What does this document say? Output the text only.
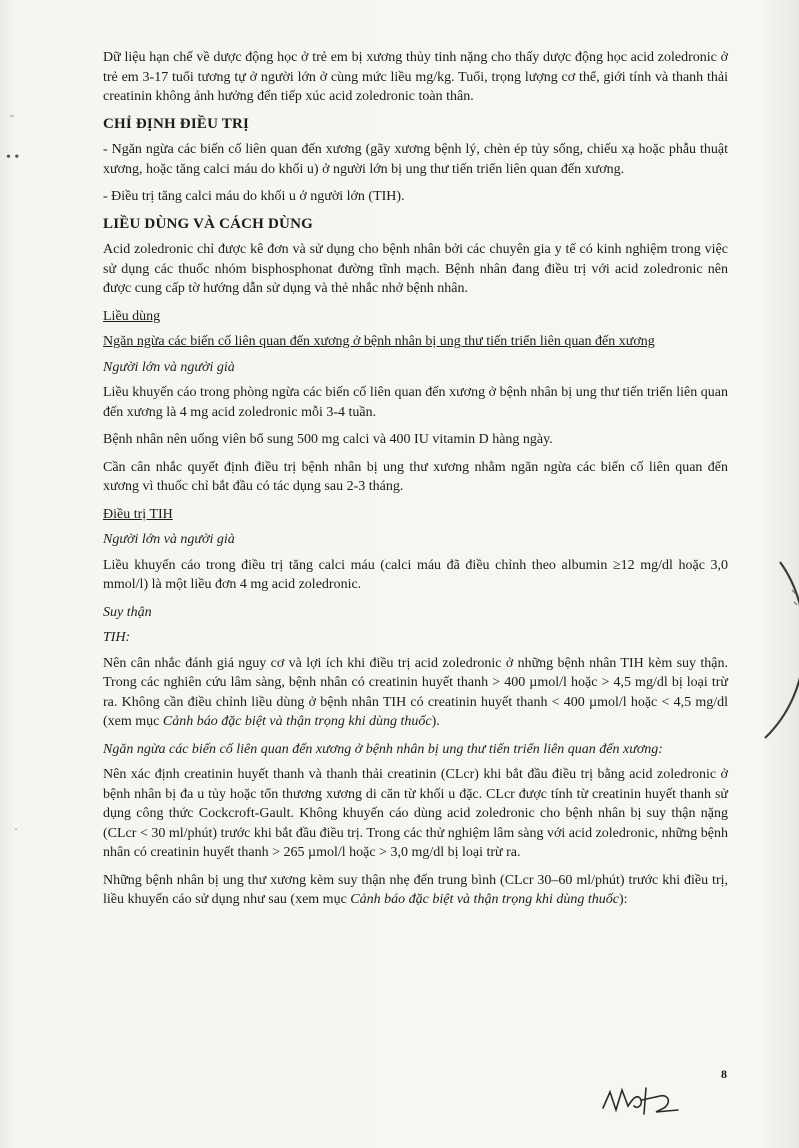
Dữ liệu hạn chế về dược động học ở trẻ em bị xương thủy tinh nặng cho thấy dược động học acid zoledronic ở trẻ em 3-17 tuổi tương tự ở người lớn ở cùng mức liều mg/kg. Tuổi, trọng lượng cơ thể, giới tính và thanh thải creatinin không ảnh hưởng đến tiếp xúc acid zoledronic toàn thân.

CHỈ ĐỊNH ĐIỀU TRỊ

- Ngăn ngừa các biến cố liên quan đến xương (gãy xương bệnh lý, chèn ép tủy sống, chiếu xạ hoặc phẫu thuật xương, hoặc tăng calci máu do khối u) ở người lớn bị ung thư tiến triển liên quan đến xương.

- Điều trị tăng calci máu do khối u ở người lớn (TIH).

LIỀU DÙNG VÀ CÁCH DÙNG

Acid zoledronic chỉ được kê đơn và sử dụng cho bệnh nhân bởi các chuyên gia y tế có kinh nghiệm trong việc sử dụng các thuốc nhóm bisphosphonat đường tĩnh mạch. Bệnh nhân đang điều trị với acid zoledronic nên được cung cấp tờ hướng dẫn sử dụng và thẻ nhắc nhở bệnh nhân.

Liều dùng
Ngăn ngừa các biến cố liên quan đến xương ở bệnh nhân bị ung thư tiến triển liên quan đến xương
Người lớn và người già

Liều khuyến cáo trong phòng ngừa các biến cố liên quan đến xương ở bệnh nhân bị ung thư tiến triển liên quan đến xương là 4 mg acid zoledronic mỗi 3-4 tuần.

Bệnh nhân nên uống viên bổ sung 500 mg calci và 400 IU vitamin D hàng ngày.

Cần cân nhắc quyết định điều trị bệnh nhân bị ung thư xương nhằm ngăn ngừa các biến cố liên quan đến xương vì thuốc chỉ bắt đầu có tác dụng sau 2-3 tháng.

Điều trị TIH
Người lớn và người già

Liều khuyến cáo trong điều trị tăng calci máu (calci máu đã điều chỉnh theo albumin ≥12 mg/dl hoặc 3,0 mmol/l) là một liều đơn 4 mg acid zoledronic.

Suy thận
TIH:

Nên cân nhắc đánh giá nguy cơ và lợi ích khi điều trị acid zoledronic ở những bệnh nhân TIH kèm suy thận. Trong các nghiên cứu lâm sàng, bệnh nhân có creatinin huyết thanh > 400 µmol/l hoặc > 4,5 mg/dl bị loại trừ ra. Không cần điều chỉnh liều dùng ở bệnh nhân TIH có creatinin huyết thanh < 400 µmol/l hoặc < 4,5 mg/dl (xem mục Cảnh báo đặc biệt và thận trọng khi dùng thuốc).

Ngăn ngừa các biến cố liên quan đến xương ở bệnh nhân bị ung thư tiến triển liên quan đến xương:

Nên xác định creatinin huyết thanh và thanh thải creatinin (CLcr) khi bắt đầu điều trị bằng acid zoledronic ở bệnh nhân bị đa u tủy hoặc tổn thương xương di căn từ khối u đặc. CLcr được tính từ creatinin huyết thanh sử dụng công thức Cockcroft-Gault. Không khuyến cáo dùng acid zoledronic cho bệnh nhân bị suy thận nặng (CLcr < 30 ml/phút) trước khi bắt đầu điều trị. Trong các thử nghiệm lâm sàng với acid zoledronic, những bệnh nhân có creatinin huyết thanh > 265 µmol/l hoặc > 3,0 mg/dl bị loại trừ ra.

Những bệnh nhân bị ung thư xương kèm suy thận nhẹ đến trung bình (CLcr 30–60 ml/phút) trước khi điều trị, liều khuyến cáo sử dụng như sau (xem mục Cảnh báo đặc biệt và thận trọng khi dùng thuốc):

8
• •
-
·
